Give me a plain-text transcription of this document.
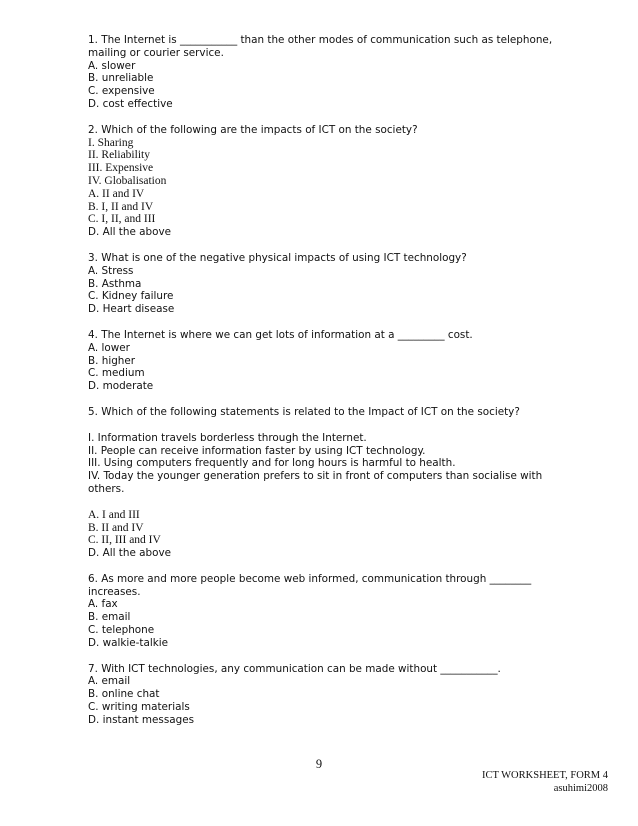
1. The Internet is ___________ than the other modes of communication such as telephone, mailing or courier service.

A. slower
B. unreliable
C. expensive
D. cost effective

2. Which of the following are the impacts of ICT on the society?

I. Sharing
II. Reliability
III. Expensive
IV. Globalisation
A. II and IV
B. I, II and IV
C. I, II, and III
D. All the above

3. What is one of the negative physical impacts of using ICT technology?

A. Stress
B. Asthma
C. Kidney failure
D. Heart disease

4. The Internet is where we can get lots of information at a _________ cost.

A. lower
B. higher
C. medium
D. moderate

5. Which of the following statements is related to the Impact of ICT on the society?

I. Information travels borderless through the Internet.
II. People can receive information faster by using ICT technology.
III. Using computers frequently and for long hours is harmful to health.
IV. Today the younger generation prefers to sit in front of computers than socialise with others.
A. I and III
B. II and IV
C. II, III and IV
D. All the above

6. As more and more people become web informed, communication through ________ increases.

A. fax
B. email
C. telephone
D. walkie-talkie

7. With ICT technologies, any communication can be made without ___________.

A. email
B. online chat
C. writing materials
D. instant messages
9
ICT WORKSHEET, FORM 4
asuhimi2008
